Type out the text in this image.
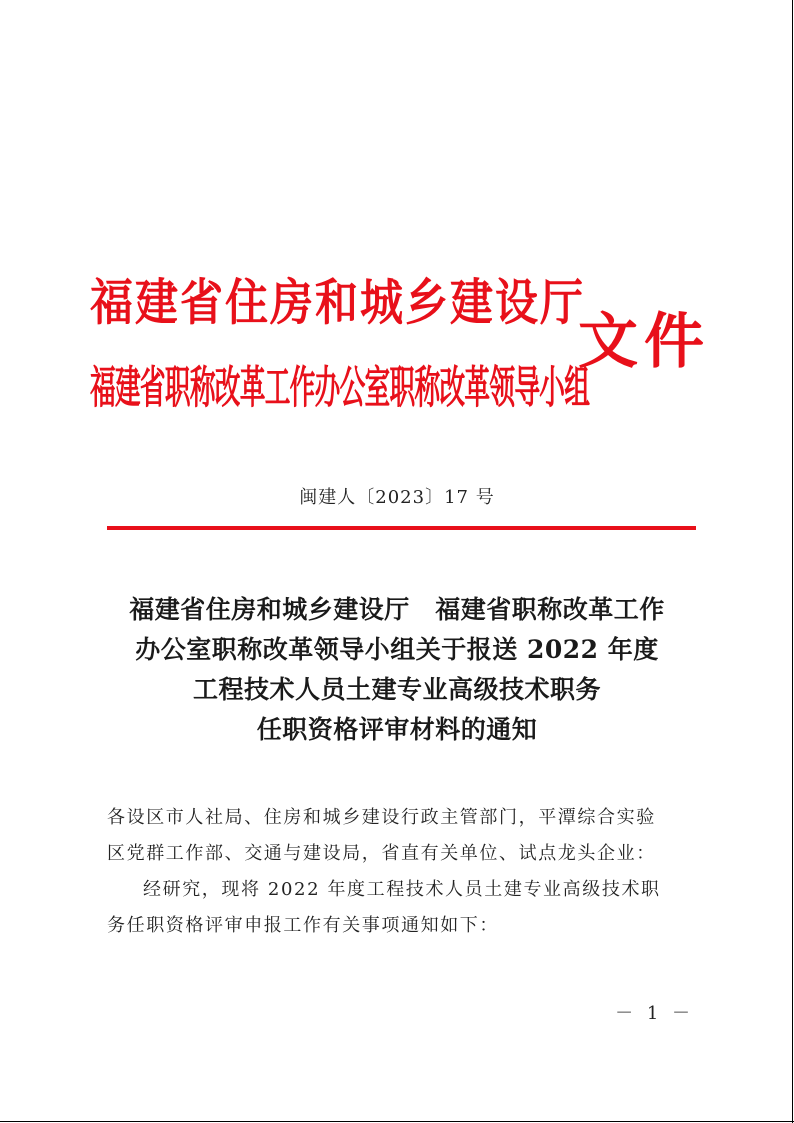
福建省住房和城乡建设厅
福建省职称改革工作办公室职称改革领导小组
文件
闽建人〔2023〕17 号
福建省住房和城乡建设厅　福建省职称改革工作
办公室职称改革领导小组关于报送 2022 年度
工程技术人员土建专业高级技术职务
任职资格评审材料的通知
各设区市人社局、住房和城乡建设行政主管部门，平潭综合实验
区党群工作部、交通与建设局，省直有关单位、试点龙头企业：
经研究，现将 2022 年度工程技术人员土建专业高级技术职
务任职资格评审申报工作有关事项通知如下：
－ 1 －
